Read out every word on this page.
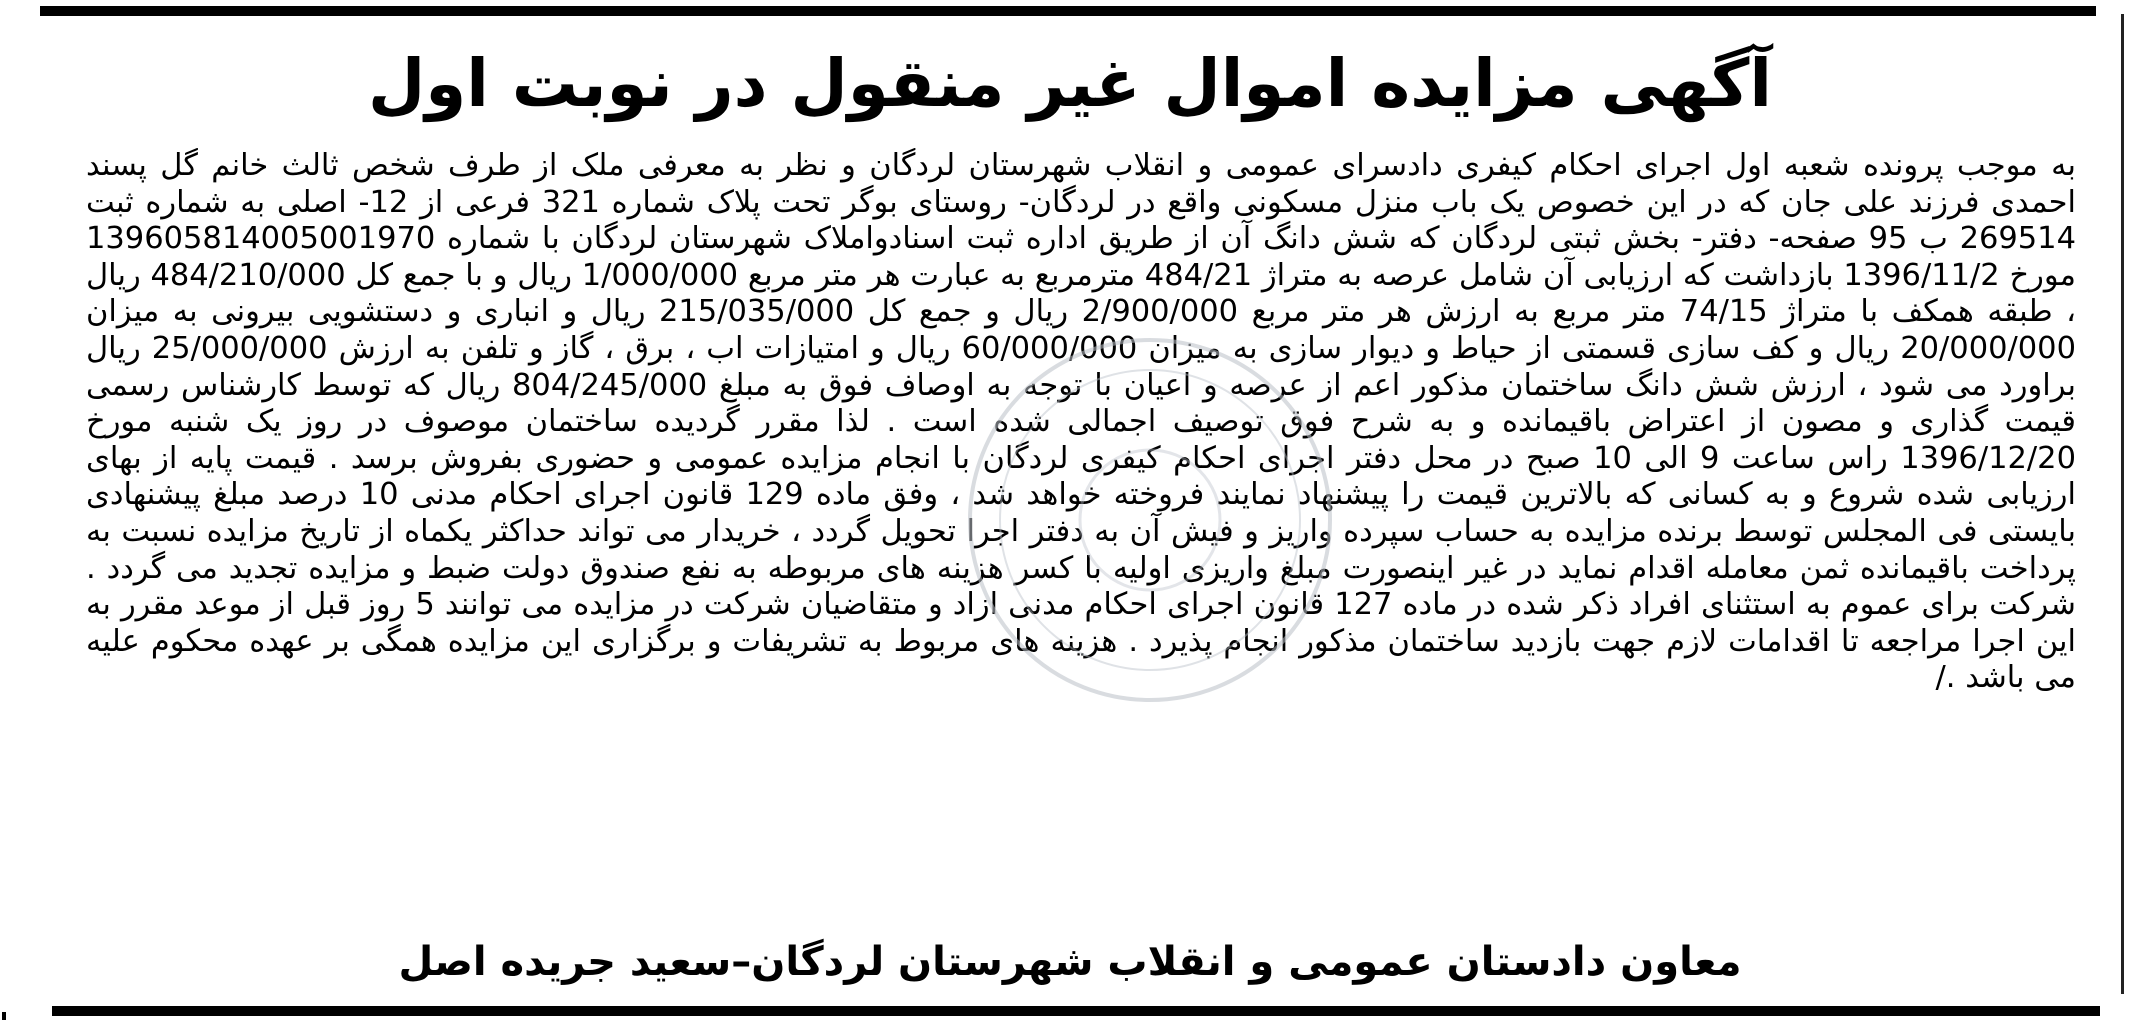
آگهی مزایده اموال غیر منقول در نوبت اول

به موجب پرونده شعبه اول اجرای احکام کیفری دادسرای عمومی و انقلاب شهرستان لردگان و نظر به معرفی ملک از طرف شخص ثالث خانم گل پسند احمدی فرزند علی جان که در این خصوص یک باب منزل مسکونی واقع در لردگان- روستای بوگر تحت پلاک شماره 321 فرعی از 12- اصلی به شماره ثبت 269514 ب 95 صفحه- دفتر- بخش ثبتی لردگان که شش دانگ آن از طریق اداره ثبت اسنادواملاک شهرستان لردگان با شماره 139605814005001970 مورخ 1396/11/2 بازداشت که ارزیابی آن شامل عرصه به متراژ 484/21 مترمربع به عبارت هر متر مربع 1/000/000 ریال و با جمع کل 484/210/000 ریال ، طبقه همکف با متراژ 74/15 متر مربع به ارزش هر متر مربع 2/900/000 ریال و جمع کل 215/035/000 ریال و انباری و دستشویی بیرونی به میزان 20/000/000 ریال و کف سازی قسمتی از حیاط و دیوار سازی به میزان 60/000/000 ریال و امتیازات اب ، برق ، گاز و تلفن به ارزش 25/000/000 ریال براورد می شود ، ارزش شش دانگ ساختمان مذکور اعم از عرصه و اعیان با توجه به اوصاف فوق به مبلغ 804/245/000 ریال که توسط کارشناس رسمی قیمت گذاری و مصون از اعتراض باقیمانده و به شرح فوق توصیف اجمالی شده است . لذا مقرر گردیده ساختمان موصوف در روز یک شنبه مورخ 1396/12/20 راس ساعت 9 الی 10 صبح در محل دفتر اجرای احکام کیفری لردگان با انجام مزایده عمومی و حضوری بفروش برسد . قیمت پایه از بهای ارزیابی شده شروع و به کسانی که بالاترین قیمت را پیشنهاد نمایند فروخته خواهد شد ، وفق ماده 129 قانون اجرای احکام مدنی 10 درصد مبلغ پیشنهادی بایستی فی المجلس توسط برنده مزایده به حساب سپرده واریز و فیش آن به دفتر اجرا تحویل گردد ، خریدار می تواند حداکثر یکماه از تاریخ مزایده نسبت به پرداخت باقیمانده ثمن معامله اقدام نماید در غیر اینصورت مبلغ واریزی اولیه با کسر هزینه های مربوطه به نفع صندوق دولت ضبط و مزایده تجدید می گردد . شرکت برای عموم به استثنای افراد ذکر شده در ماده 127 قانون اجرای احکام مدنی ازاد و متقاضیان شرکت در مزایده می توانند 5 روز قبل از موعد مقرر به این اجرا مراجعه تا اقدامات لازم جهت بازدید ساختمان مذکور انجام پذیرد . هزینه های مربوط به تشریفات و برگزاری این مزایده همگی بر عهده محکوم علیه می باشد ./

معاون دادستان عمومی و انقلاب شهرستان لردگان–سعید جریده اصل
